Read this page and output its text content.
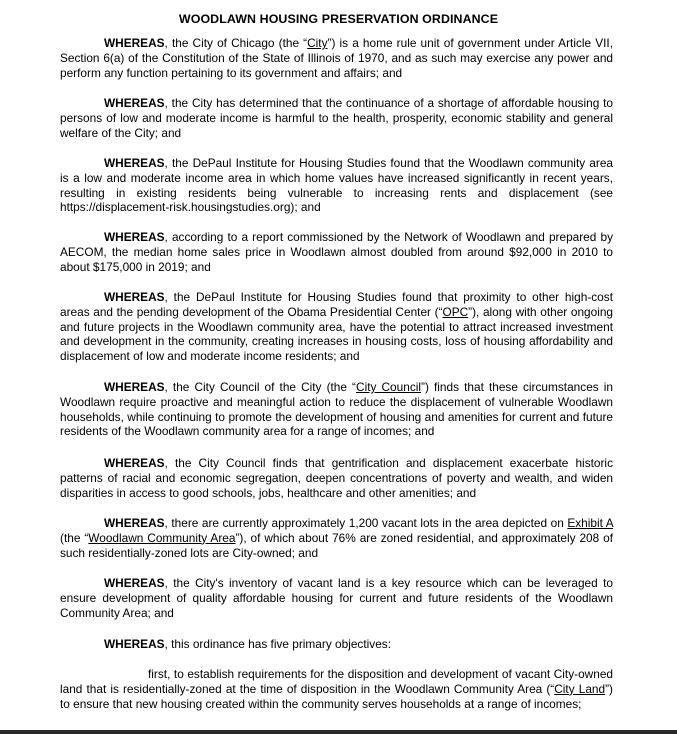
WOODLAWN HOUSING PRESERVATION ORDINANCE

WHEREAS, the City of Chicago (the “City”) is a home rule unit of government under Article VII, Section 6(a) of the Constitution of the State of Illinois of 1970, and as such may exercise any power and perform any function pertaining to its government and affairs; and

WHEREAS, the City has determined that the continuance of a shortage of affordable housing to persons of low and moderate income is harmful to the health, prosperity, economic stability and general welfare of the City; and

WHEREAS, the DePaul Institute for Housing Studies found that the Woodlawn community area is a low and moderate income area in which home values have increased significantly in recent years, resulting in existing residents being vulnerable to increasing rents and displacement (see https://displacement-risk.housingstudies.org); and

WHEREAS, according to a report commissioned by the Network of Woodlawn and prepared by AECOM, the median home sales price in Woodlawn almost doubled from around $92,000 in 2010 to about $175,000 in 2019; and

WHEREAS, the DePaul Institute for Housing Studies found that proximity to other high-cost areas and the pending development of the Obama Presidential Center (“OPC”), along with other ongoing and future projects in the Woodlawn community area, have the potential to attract increased investment and development in the community, creating increases in housing costs, loss of housing affordability and displacement of low and moderate income residents; and

WHEREAS, the City Council of the City (the “City Council”) finds that these circumstances in Woodlawn require proactive and meaningful action to reduce the displacement of vulnerable Woodlawn households, while continuing to promote the development of housing and amenities for current and future residents of the Woodlawn community area for a range of incomes; and

WHEREAS, the City Council finds that gentrification and displacement exacerbate historic patterns of racial and economic segregation, deepen concentrations of poverty and wealth, and widen disparities in access to good schools, jobs, healthcare and other amenities; and

WHEREAS, there are currently approximately 1,200 vacant lots in the area depicted on Exhibit A (the “Woodlawn Community Area”), of which about 76% are zoned residential, and approximately 208 of such residentially-zoned lots are City-owned; and

WHEREAS, the City's inventory of vacant land is a key resource which can be leveraged to ensure development of quality affordable housing for current and future residents of the Woodlawn Community Area; and

WHEREAS, this ordinance has five primary objectives:

first, to establish requirements for the disposition and development of vacant City-owned land that is residentially-zoned at the time of disposition in the Woodlawn Community Area (“City Land”) to ensure that new housing created within the community serves households at a range of incomes;
